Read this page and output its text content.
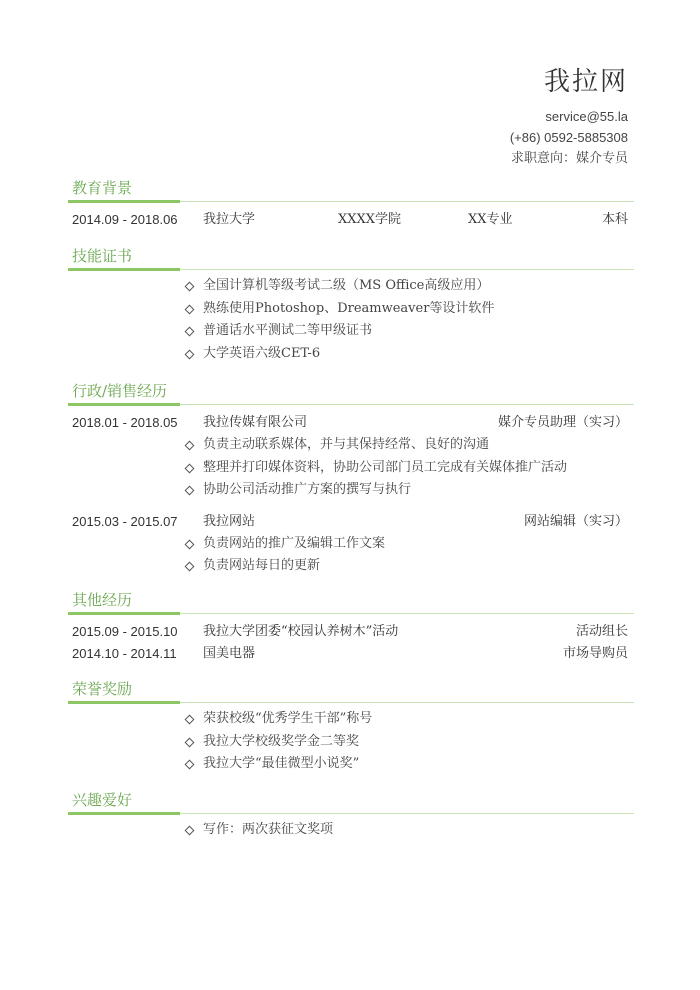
我拉网
service@55.la
(+86) 0592-5885308
求职意向：媒介专员
教育背景
2014.09 - 2018.06 我拉大学	XXXX学院	XX专业	本科
技能证书
全国计算机等级考试二级（MS Office高级应用）
熟练使用Photoshop、Dreamweaver等设计软件
普通话水平测试二等甲级证书
大学英语六级CET-6
行政/销售经历
2018.01 - 2018.05 我拉传媒有限公司	媒介专员助理（实习）
负责主动联系媒体，并与其保持经常、良好的沟通
整理并打印媒体资料，协助公司部门员工完成有关媒体推广活动
协助公司活动推广方案的撰写与执行
2015.03 - 2015.07 我拉网站	网站编辑（实习）
负责网站的推广及编辑工作文案
负责网站每日的更新
其他经历
2015.09 - 2015.10 我拉大学团委“校园认养树木”活动	活动组长
2014.10 - 2014.11 国美电器	市场导购员
荣誉奖励
荣获校级“优秀学生干部”称号
我拉大学校级奖学金二等奖
我拉大学“最佳微型小说奖”
兴趣爱好
写作：两次获征文奖项
